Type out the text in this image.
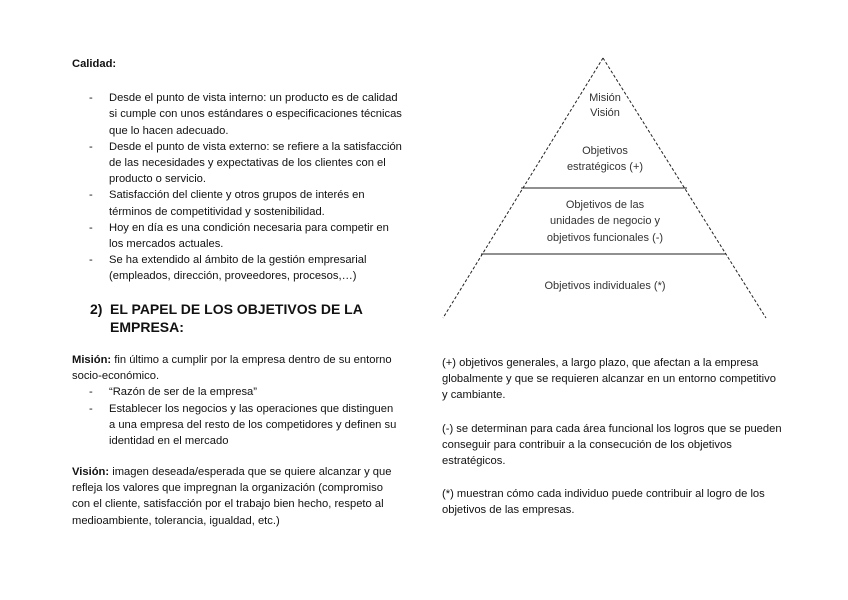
Calidad:
- Desde el punto de vista interno: un producto es de calidad si cumple con unos estándares o especificaciones técnicas que lo hacen adecuado.
- Desde el punto de vista externo: se refiere a la satisfacción de las necesidades y expectativas de los clientes con el producto o servicio.
- Satisfacción del cliente y otros grupos de interés en términos de competitividad y sostenibilidad.
- Hoy en día es una condición necesaria para competir en los mercados actuales.
- Se ha extendido al ámbito de la gestión empresarial (empleados, dirección, proveedores, procesos,…)
2) EL PAPEL DE LOS OBJETIVOS DE LA EMPRESA:
Misión: fin último a cumplir por la empresa dentro de su entorno socio-económico.
- “Razón de ser de la empresa”
- Establecer los negocios y las operaciones que distinguen a una empresa del resto de los competidores y definen su identidad en el mercado
Visión: imagen deseada/esperada que se quiere alcanzar y que refleja los valores que impregnan la organización (compromiso con el cliente, satisfacción por el trabajo bien hecho, respeto al medioambiente, tolerancia, igualdad, etc.)
Misión
Visión
Objetivos
estratégicos (+)
Objetivos de las
unidades de negocio y
objetivos funcionales (-)
Objetivos individuales (*)

(+) objetivos generales, a largo plazo, que afectan a la empresa globalmente y que se requieren alcanzar en un entorno competitivo y cambiante.

(-) se determinan para cada área funcional los logros que se pueden conseguir para contribuir a la consecución de los objetivos estratégicos.

(*) muestran cómo cada individuo puede contribuir al logro de los objetivos de las empresas.
